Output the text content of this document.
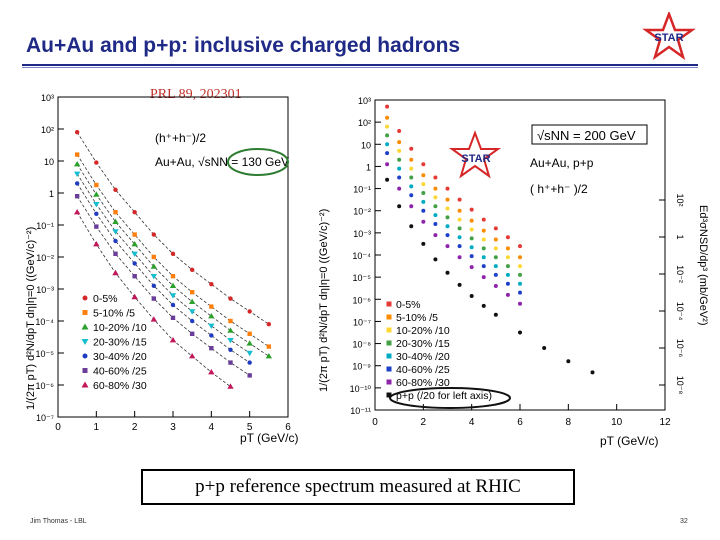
Au+Au and p+p: inclusive charged hadrons	STAR
PRL 89, 202301
10⁻⁷
10⁻⁶
10⁻⁵
10⁻⁴
10⁻³
10⁻²
10⁻¹
1
10
10²
10³
0	1	2	3	4	5	6
(h⁺+h⁻)/2
Au+Au, √sNN = 130 GeV
0-5%
5-10% /5
10-20% /10
20-30% /15
30-40% /20
40-60% /25
60-80% /30
pT (GeV/c)
1/(2π pT) d²N/dpT dη|η=0 ((GeV/c)⁻²)
10⁻¹¹
10⁻¹⁰
10⁻⁹
10⁻⁸
10⁻⁷
10⁻⁶
10⁻⁵
10⁻⁴
10⁻³
10⁻²
10⁻¹
1
10
10²
10³
0	2	4	6	8	10	12
10²
1
10⁻²
10⁻⁴
10⁻⁶
10⁻⁸
STAR
√sNN = 200 GeV
Au+Au, p+p
( h⁺+h⁻ )/2
0-5%
5-10% /5
10-20% /10
20-30% /15
30-40% /20
40-60% /25
60-80% /30
p+p (/20 for left axis)
pT (GeV/c)
1/(2π pT) d²N/dpT dη|η=0 ((GeV/c)⁻²)	Ed³σNSD/dp³ (mb/GeV²)
p+p reference spectrum measured at RHIC
Jim Thomas - LBL	32
